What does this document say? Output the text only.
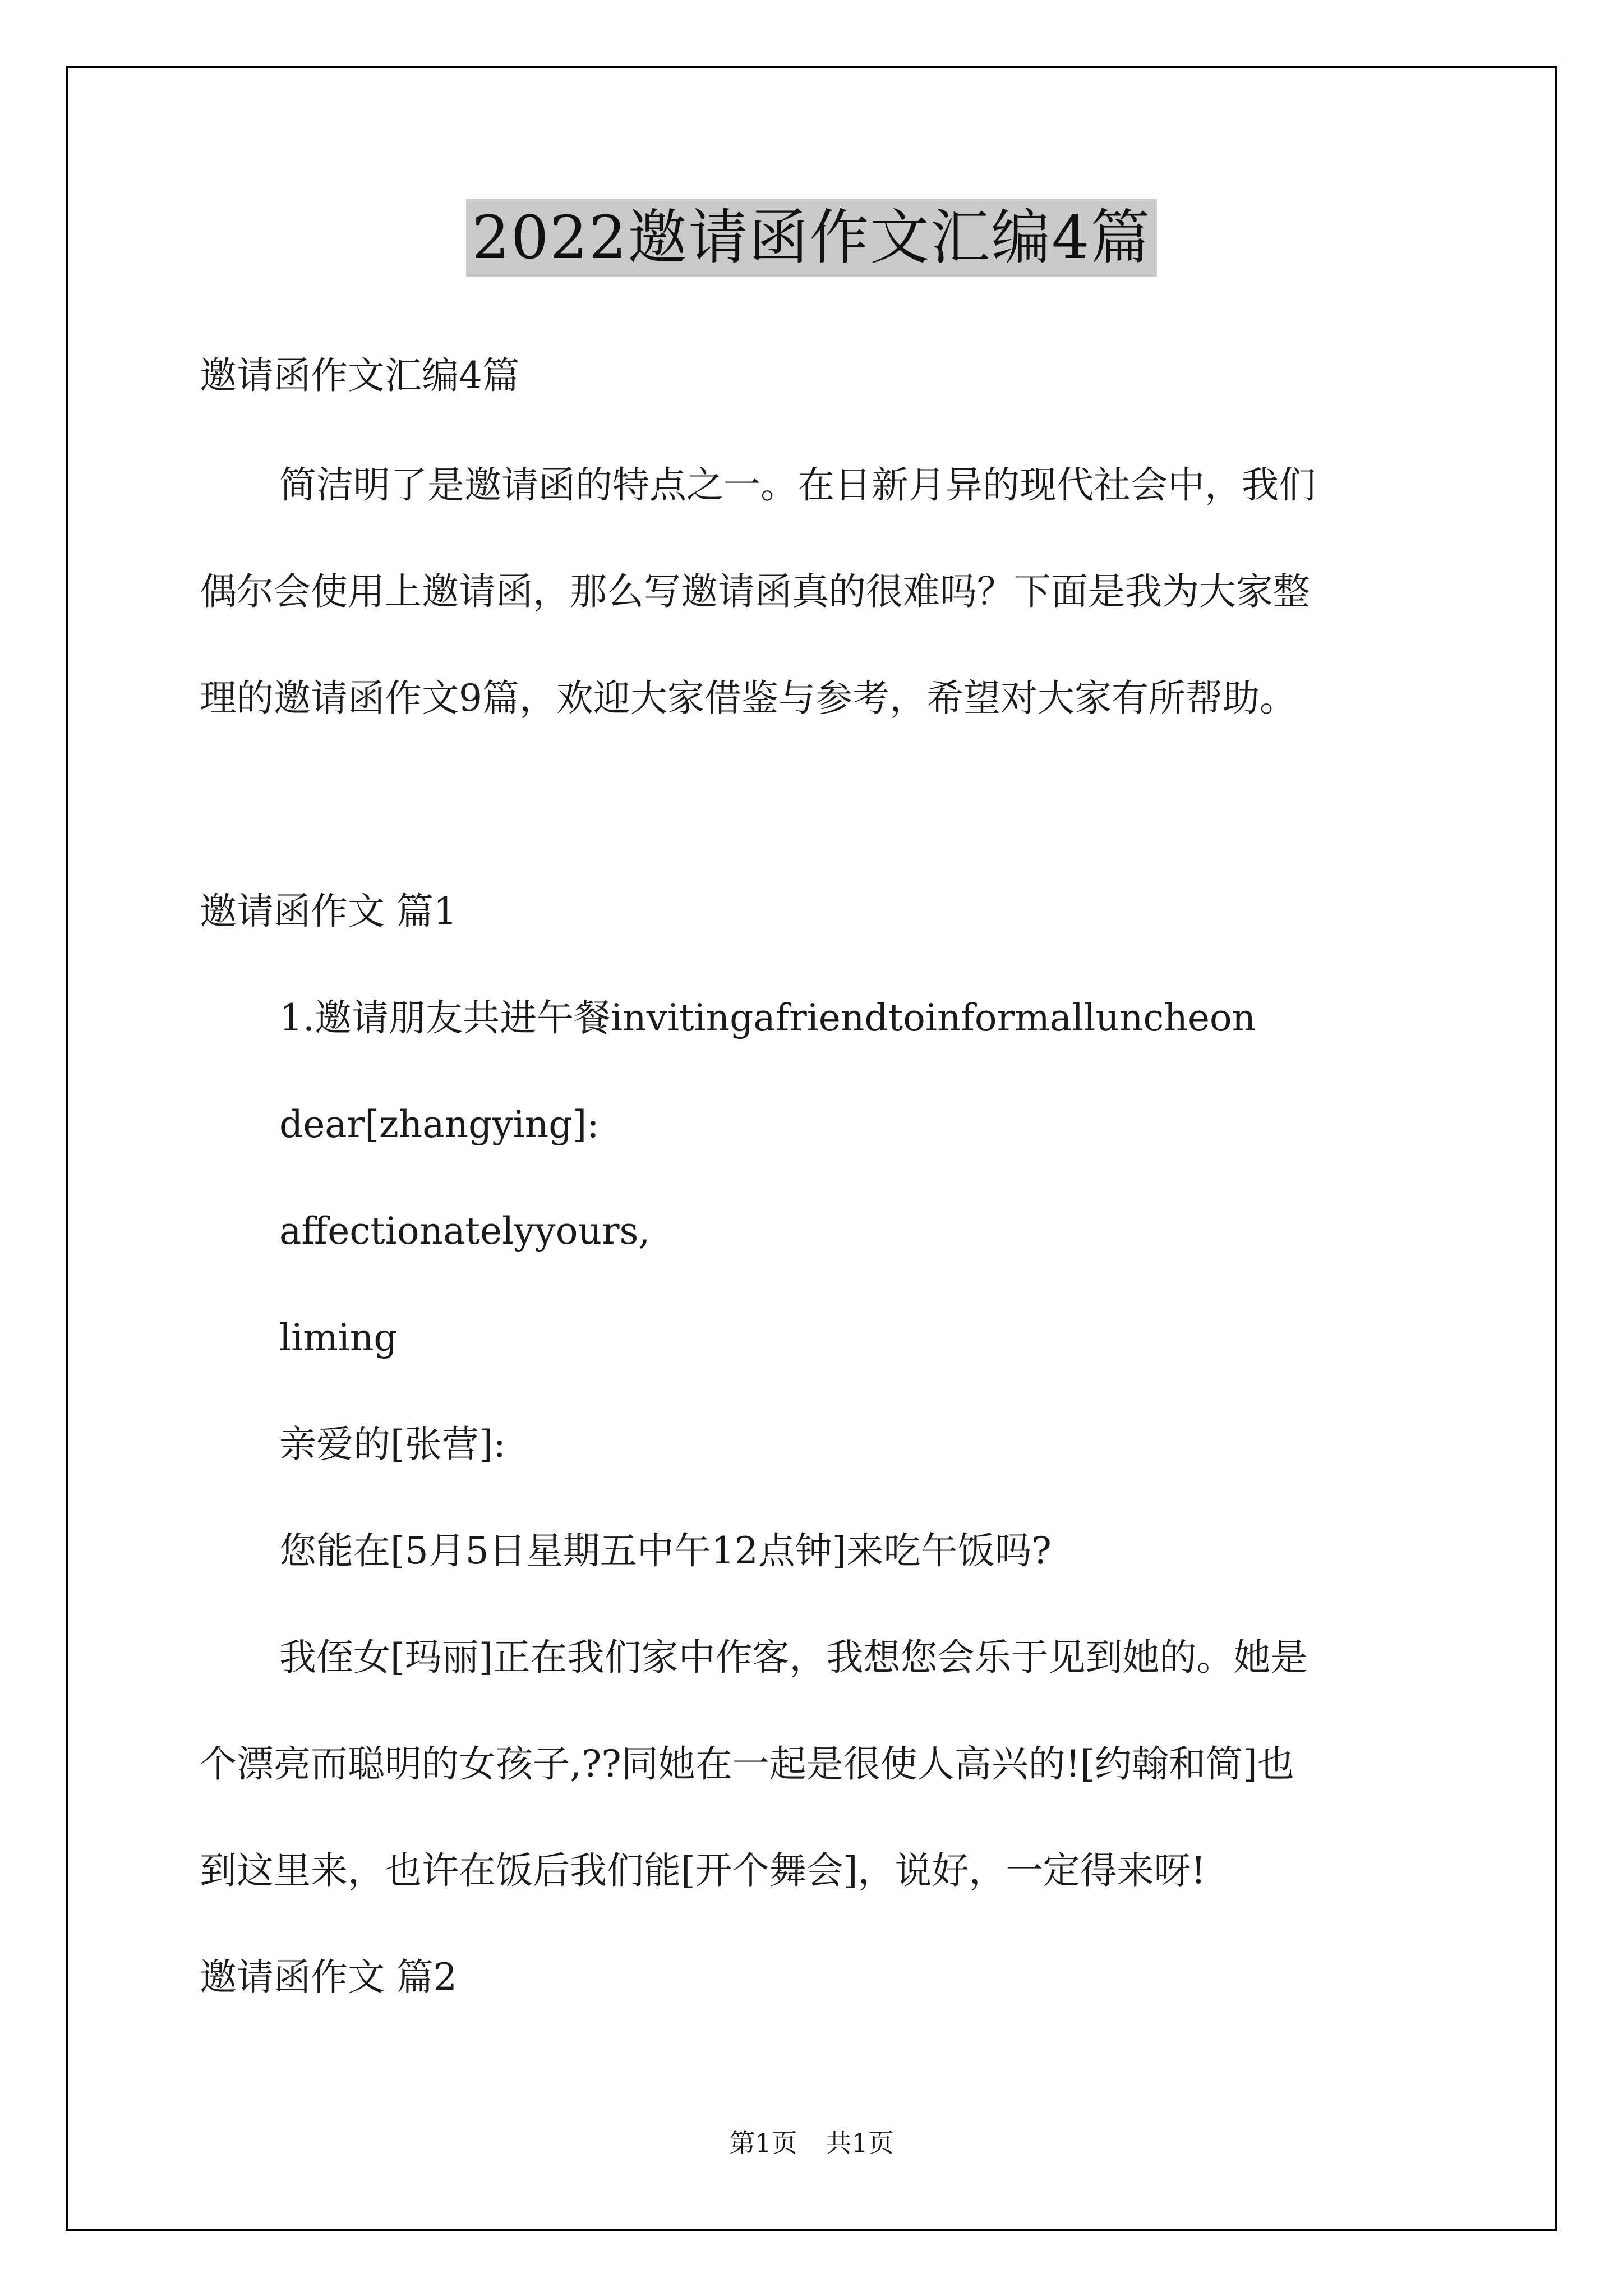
2022邀请函作文汇编4篇
邀请函作文汇编4篇
简洁明了是邀请函的特点之一。在日新月异的现代社会中，我们
偶尔会使用上邀请函，那么写邀请函真的很难吗？下面是我为大家整
理的邀请函作文9篇，欢迎大家借鉴与参考，希望对大家有所帮助。
邀请函作文 篇1
1.邀请朋友共进午餐invitingafriendtoinformalluncheon
dear[zhangying]:
affectionatelyyours,
liming
亲爱的[张营]:
您能在[5月5日星期五中午12点钟]来吃午饭吗?
我侄女[玛丽]正在我们家中作客，我想您会乐于见到她的。她是
个漂亮而聪明的女孩子,??同她在一起是很使人高兴的![约翰和简]也
到这里来，也许在饭后我们能[开个舞会]，说好，一定得来呀!
邀请函作文 篇2
第1页 共1页
